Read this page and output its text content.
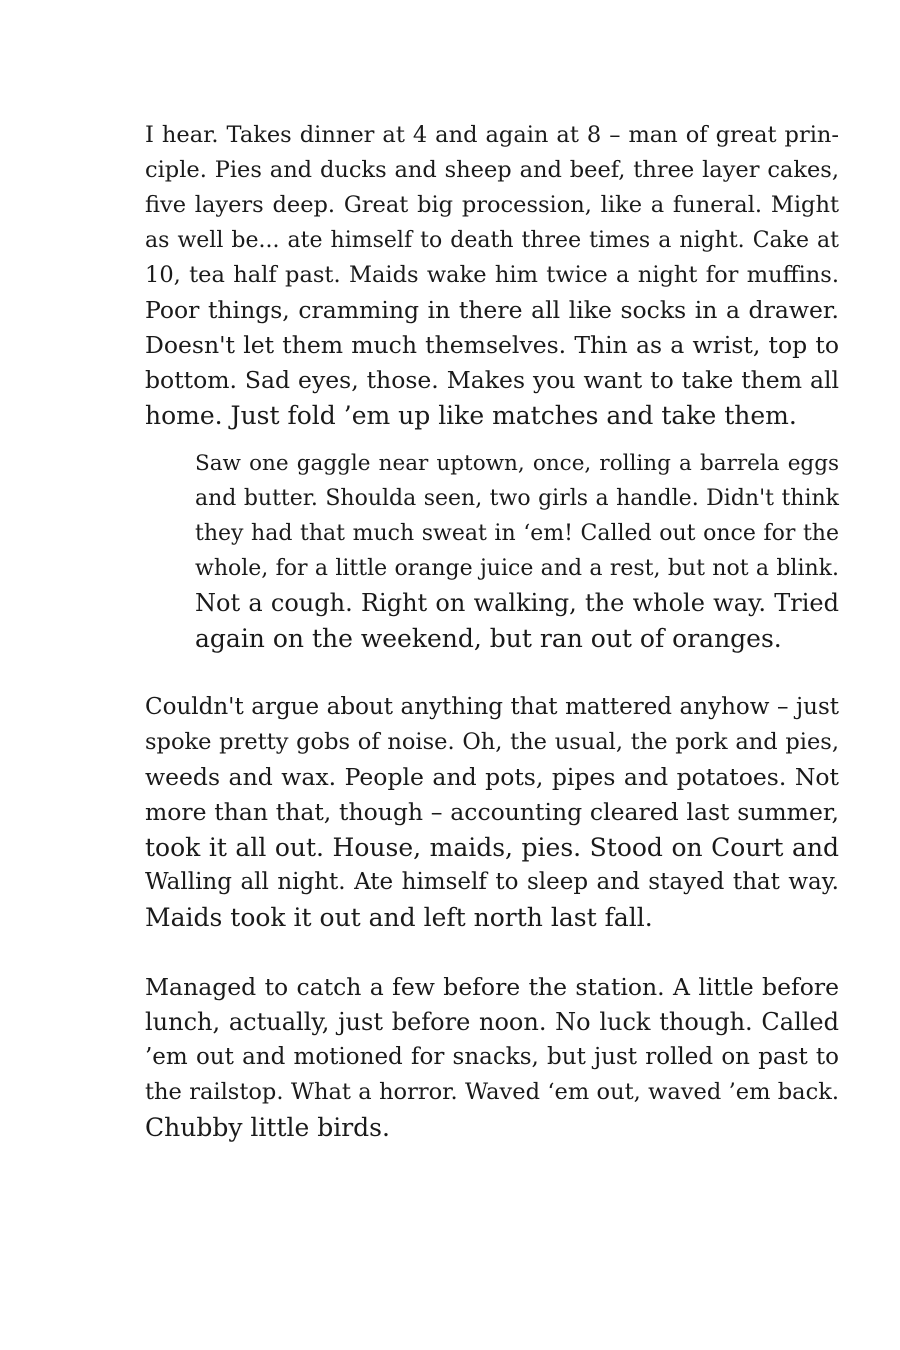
I hear. Takes dinner at 4 and again at 8 – man of great prin-
ciple. Pies and ducks and sheep and beef, three layer cakes,
five layers deep. Great big procession, like a funeral. Might
as well be... ate himself to death three times a night. Cake at
10, tea half past. Maids wake him twice a night for muffins.
Poor things, cramming in there all like socks in a drawer.
Doesn't let them much themselves. Thin as a wrist, top to
bottom. Sad eyes, those. Makes you want to take them all
home. Just fold ’em up like matches and take them.
Saw one gaggle near uptown, once, rolling a barrela eggs
and butter. Shoulda seen, two girls a handle. Didn't think
they had that much sweat in ‘em! Called out once for the
whole, for a little orange juice and a rest, but not a blink.
Not a cough. Right on walking, the whole way. Tried
again on the weekend, but ran out of oranges.
Couldn't argue about anything that mattered anyhow – just
spoke pretty gobs of noise. Oh, the usual, the pork and pies,
weeds and wax. People and pots, pipes and potatoes. Not
more than that, though – accounting cleared last summer,
took it all out. House, maids, pies. Stood on Court and
Walling all night. Ate himself to sleep and stayed that way.
Maids took it out and left north last fall.
Managed to catch a few before the station. A little before
lunch, actually, just before noon. No luck though. Called
’em out and motioned for snacks, but just rolled on past to
the railstop. What a horror. Waved ‘em out, waved ’em back.
Chubby little birds.
